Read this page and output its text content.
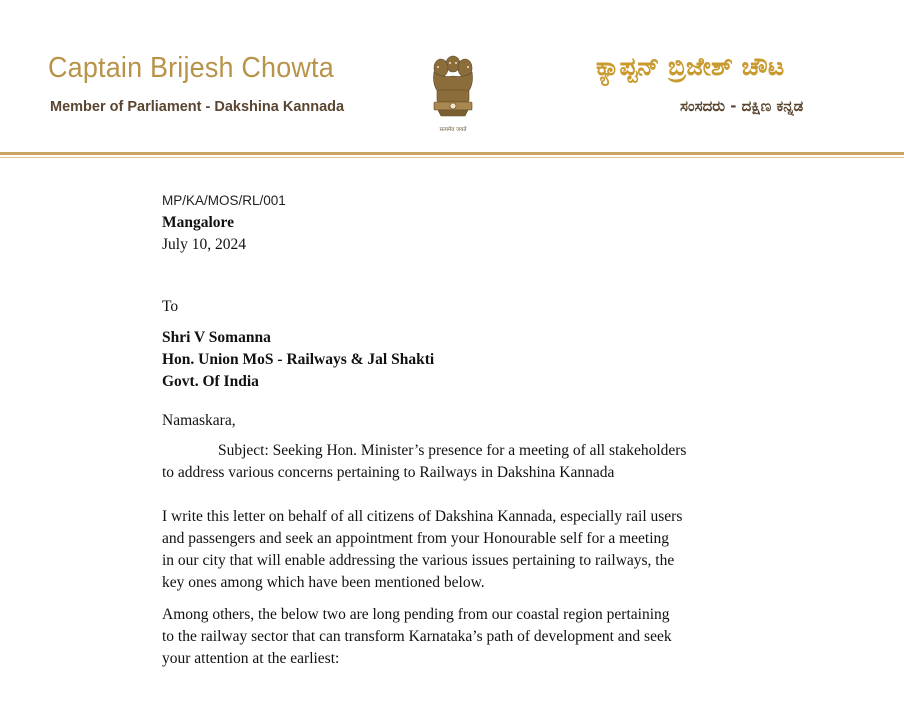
Captain Brijesh Chowta
Member of Parliament - Dakshina Kannada
सत्यमेव जयते
ಕ್ಯಾಪ್ಟನ್ ಬ್ರಿಜೇಶ್ ಚೌಟ
ಸಂಸದರು - ದಕ್ಷಿಣ ಕನ್ನಡ
MP/KA/MOS/RL/001
Mangalore
July 10, 2024
To
Shri V Somanna
Hon. Union MoS - Railways & Jal Shakti
Govt. Of India
Namaskara,
Subject: Seeking Hon. Minister’s presence for a meeting of all stakeholders
to address various concerns pertaining to Railways in Dakshina Kannada
I write this letter on behalf of all citizens of Dakshina Kannada, especially rail users
and passengers and seek an appointment from your Honourable self for a meeting
in our city that will enable addressing the various issues pertaining to railways, the
key ones among which have been mentioned below.
Among others, the below two are long pending from our coastal region pertaining
to the railway sector that can transform Karnataka’s path of development and seek
your attention at the earliest:
